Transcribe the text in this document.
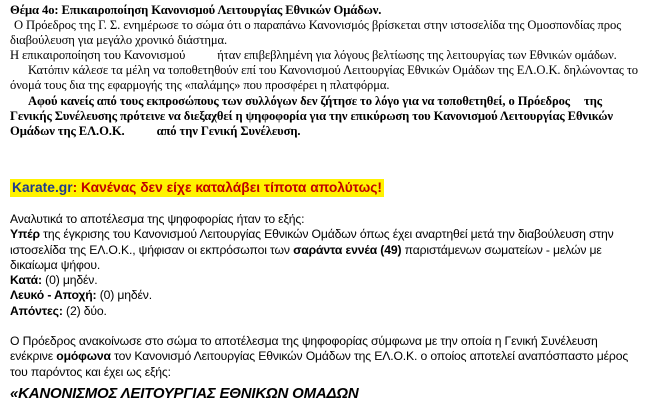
Θέμα 4ο: Επικαιροποίηση Κανονισμού Λειτουργίας Εθνικών Ομάδων.
Ο Πρόεδρος της Γ. Σ. ενημέρωσε το σώμα ότι ο παραπάνω Κανονισμός βρίσκεται στην ιστοσελίδα της Ομοσπονδίας προς διαβούλευση για μεγάλο χρονικό διάστημα.
Η επικαιροποίηση του Κανονισμού	ήταν επιβεβλημένη για λόγους βελτίωσης της λειτουργίας των Εθνικών ομάδων.
Κατόπιν κάλεσε τα μέλη να τοποθετηθούν επί του Κανονισμού Λειτουργίας Εθνικών Ομάδων της ΕΛ.Ο.Κ. δηλώνοντας το όνομά τους δια της εφαρμογής της «παλάμης» που προσφέρει η πλατφόρμα.
Αφού κανείς από τους εκπροσώπους των συλλόγων δεν ζήτησε το λόγο για να τοποθετηθεί, ο Πρόεδρος της Γενικής Συνέλευσης πρότεινε να διεξαχθεί η ψηφοφορία για την επικύρωση του Κανονισμού Λειτουργίας Εθνικών Ομάδων της ΕΛ.Ο.Κ.	από την Γενική Συνέλευση.
Karate.gr: Κανένας δεν είχε καταλάβει τίποτα απολύτως!
Αναλυτικά το αποτέλεσμα της ψηφοφορίας ήταν το εξής:
Υπέρ της έγκρισης του Κανονισμού Λειτουργίας Εθνικών Ομάδων όπως έχει αναρτηθεί μετά την διαβούλευση στην ιστοσελίδα της ΕΛ.Ο.Κ., ψήφισαν οι εκπρόσωποι των σαράντα εννέα (49) παριστάμενων σωματείων - μελών με δικαίωμα ψήφου.
Κατά: (0) μηδέν.
Λευκό - Αποχή: (0) μηδέν.
Απόντες: (2) δύο.
Ο Πρόεδρος ανακοίνωσε στο σώμα το αποτέλεσμα της ψηφοφορίας σύμφωνα με την οποία η Γενική Συνέλευση ενέκρινε ομόφωνα τον Κανονισμό Λειτουργίας Εθνικών Ομάδων της ΕΛ.Ο.Κ. ο οποίος αποτελεί αναπόσπαστο μέρος του παρόντος και έχει ως εξής:
«ΚΑΝΟΝΙΣΜΟΣ ΛΕΙΤΟΥΡΓΙΑΣ ΕΘΝΙΚΩΝ ΟΜΑΔΩΝ
